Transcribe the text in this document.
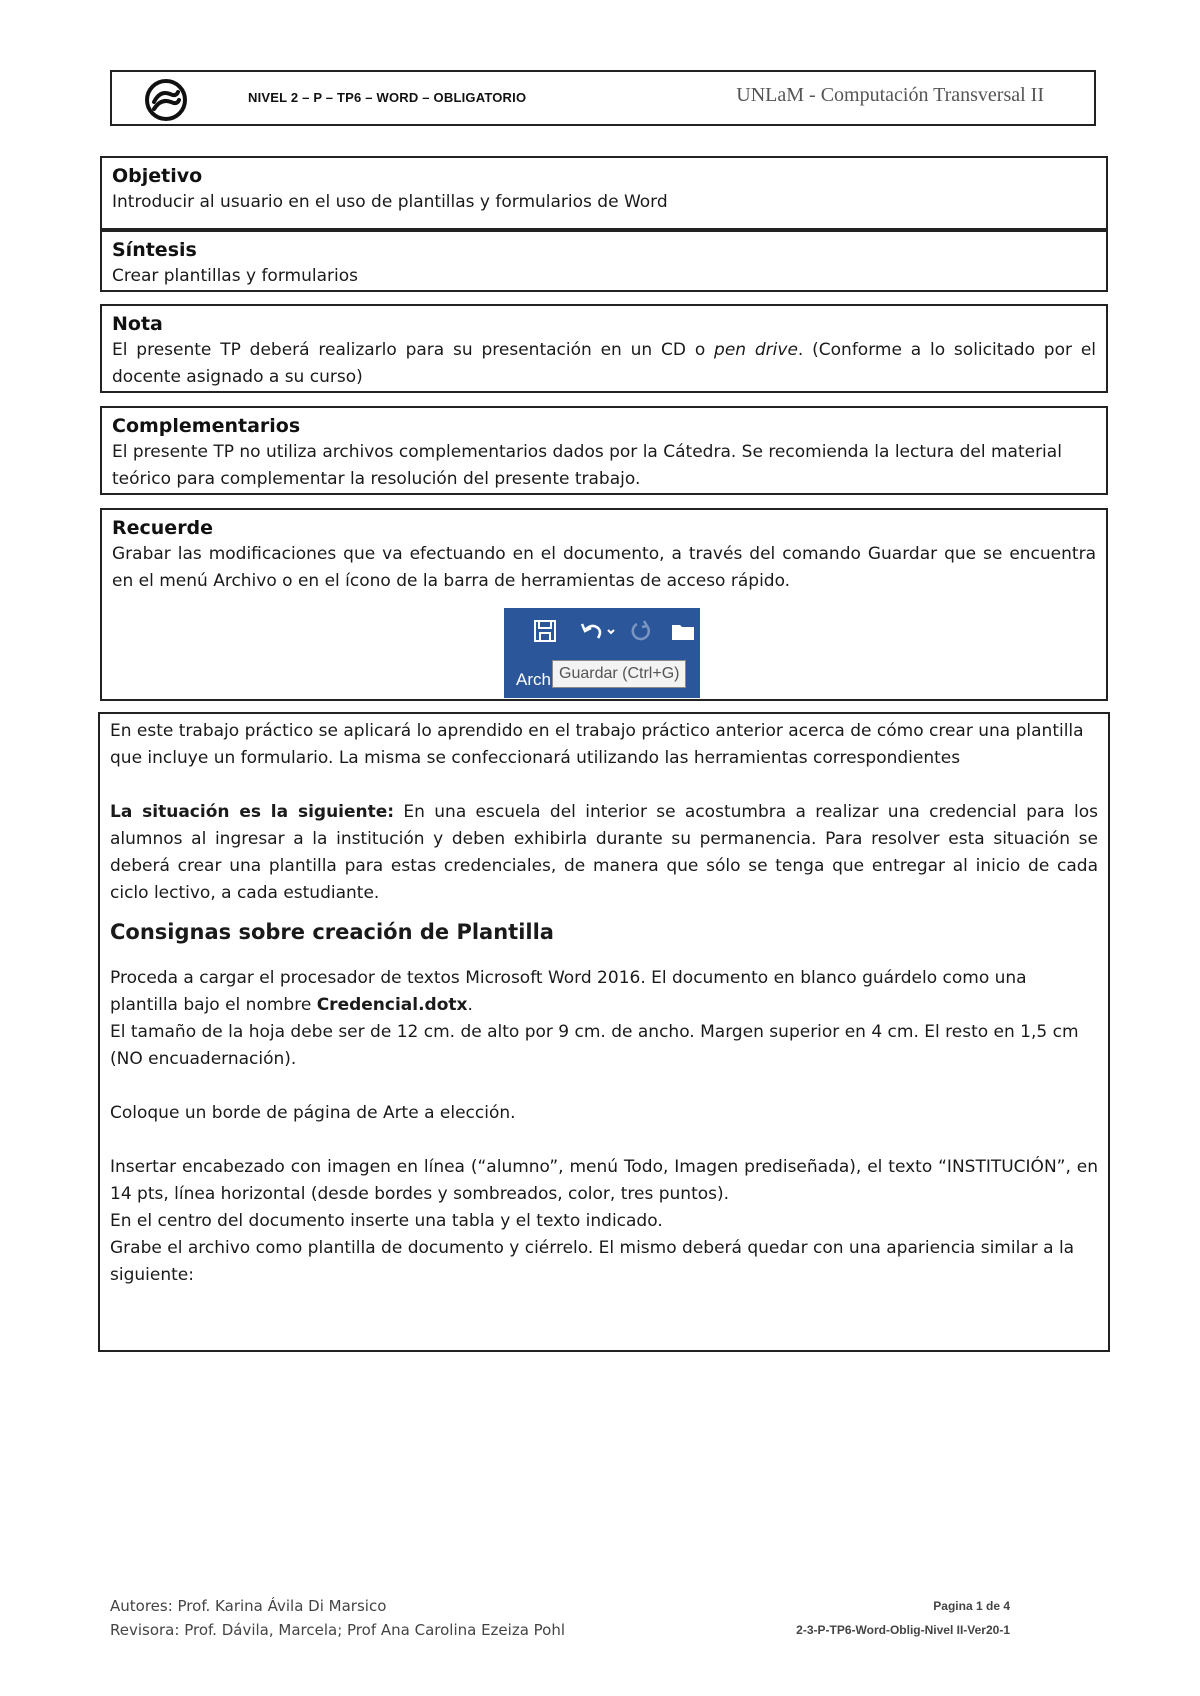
NIVEL 2 – P – TP6 – WORD – OBLIGATORIO	UNLaM - Computación Transversal II
Objetivo

Introducir al usuario en el uso de plantillas y formularios de Word

Síntesis

Crear plantillas y formularios

Nota

El presente TP deberá realizarlo para su presentación en un CD o pen drive. (Conforme a lo solicitado por el docente asignado a su curso)

Complementarios

El presente TP no utiliza archivos complementarios dados por la Cátedra. Se recomienda la lectura del material teórico para complementar la resolución del presente trabajo.

Recuerde

Grabar las modificaciones que va efectuando en el documento, a través del comando Guardar que se encuentra en el menú Archivo o en el ícono de la barra de herramientas de acceso rápido.

Arch Guardar (Ctrl+G)

En este trabajo práctico se aplicará lo aprendido en el trabajo práctico anterior acerca de cómo crear una plantilla que incluye un formulario. La misma se confeccionará utilizando las herramientas correspondientes

La situación es la siguiente: En una escuela del interior se acostumbra a realizar una credencial para los alumnos al ingresar a la institución y deben exhibirla durante su permanencia. Para resolver esta situación se deberá crear una plantilla para estas credenciales, de manera que sólo se tenga que entregar al inicio de cada ciclo lectivo, a cada estudiante.

Consignas sobre creación de Plantilla

Proceda a cargar el procesador de textos Microsoft Word 2016. El documento en blanco guárdelo como una plantilla bajo el nombre Credencial.dotx.

El tamaño de la hoja debe ser de 12 cm. de alto por 9 cm. de ancho. Margen superior en 4 cm. El resto en 1,5 cm (NO encuadernación).

Coloque un borde de página de Arte a elección.

Insertar encabezado con imagen en línea (“alumno”, menú Todo, Imagen prediseñada), el texto “INSTITUCIÓN”, en 14 pts, línea horizontal (desde bordes y sombreados, color, tres puntos).

En el centro del documento inserte una tabla y el texto indicado.

Grabe el archivo como plantilla de documento y ciérrelo. El mismo deberá quedar con una apariencia similar a la siguiente:

Autores: Prof. Karina Ávila Di Marsico	Pagina 1 de 4
Revisora: Prof. Dávila, Marcela; Prof Ana Carolina Ezeiza Pohl	2-3-P-TP6-Word-Oblig-Nivel II-Ver20-1
